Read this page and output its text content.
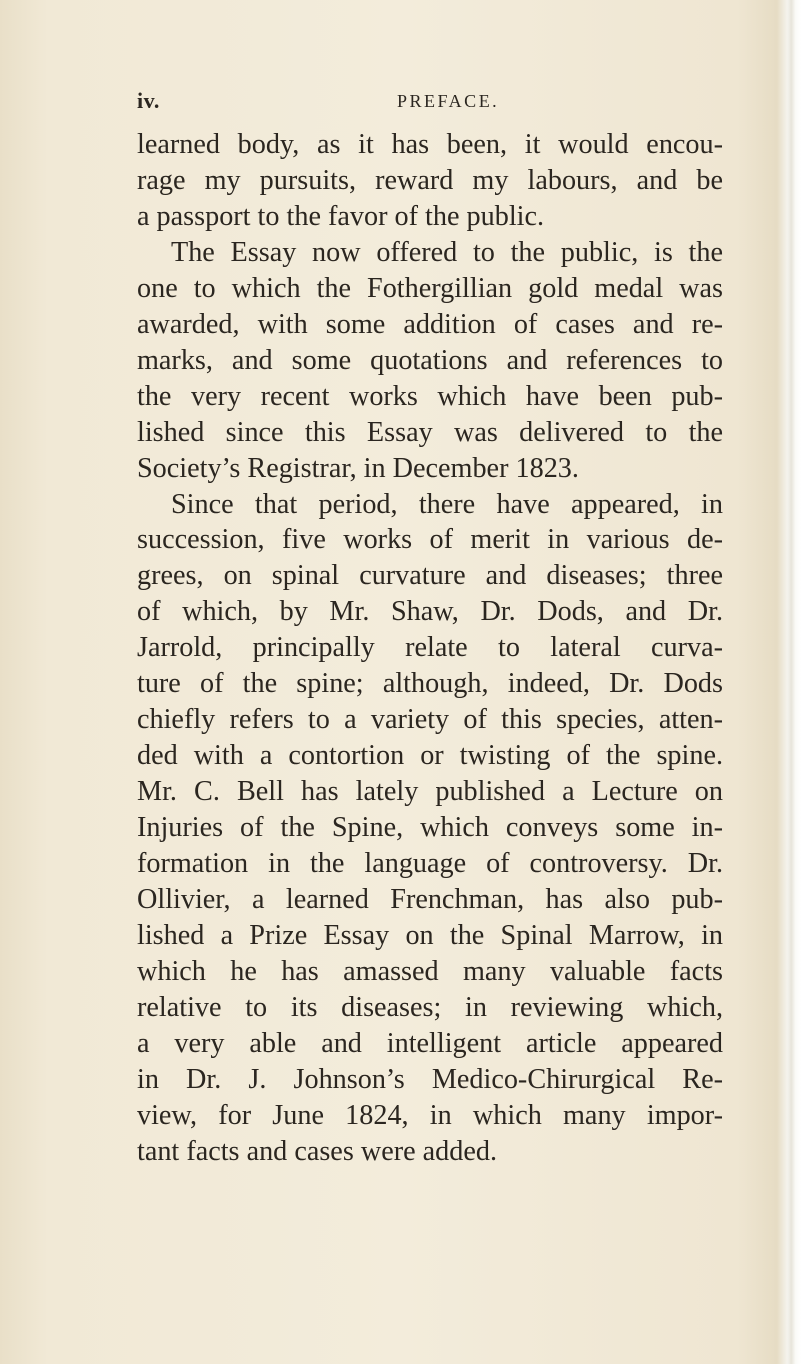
iv.	PREFACE.
learned body, as it has been, it would encou-
rage my pursuits, reward my labours, and be
a passport to the favor of the public.
The Essay now offered to the public, is the
one to which the Fothergillian gold medal was
awarded, with some addition of cases and re-
marks, and some quotations and references to
the very recent works which have been pub-
lished since this Essay was delivered to the
Society’s Registrar, in December 1823.
Since that period, there have appeared, in
succession, five works of merit in various de-
grees, on spinal curvature and diseases; three
of which, by Mr. Shaw, Dr. Dods, and Dr.
Jarrold, principally relate to lateral curva-
ture of the spine; although, indeed, Dr. Dods
chiefly refers to a variety of this species, atten-
ded with a contortion or twisting of the spine.
Mr. C. Bell has lately published a Lecture on
Injuries of the Spine, which conveys some in-
formation in the language of controversy. Dr.
Ollivier, a learned Frenchman, has also pub-
lished a Prize Essay on the Spinal Marrow, in
which he has amassed many valuable facts
relative to its diseases; in reviewing which,
a very able and intelligent article appeared
in Dr. J. Johnson’s Medico-Chirurgical Re-
view, for June 1824, in which many impor-
tant facts and cases were added.
